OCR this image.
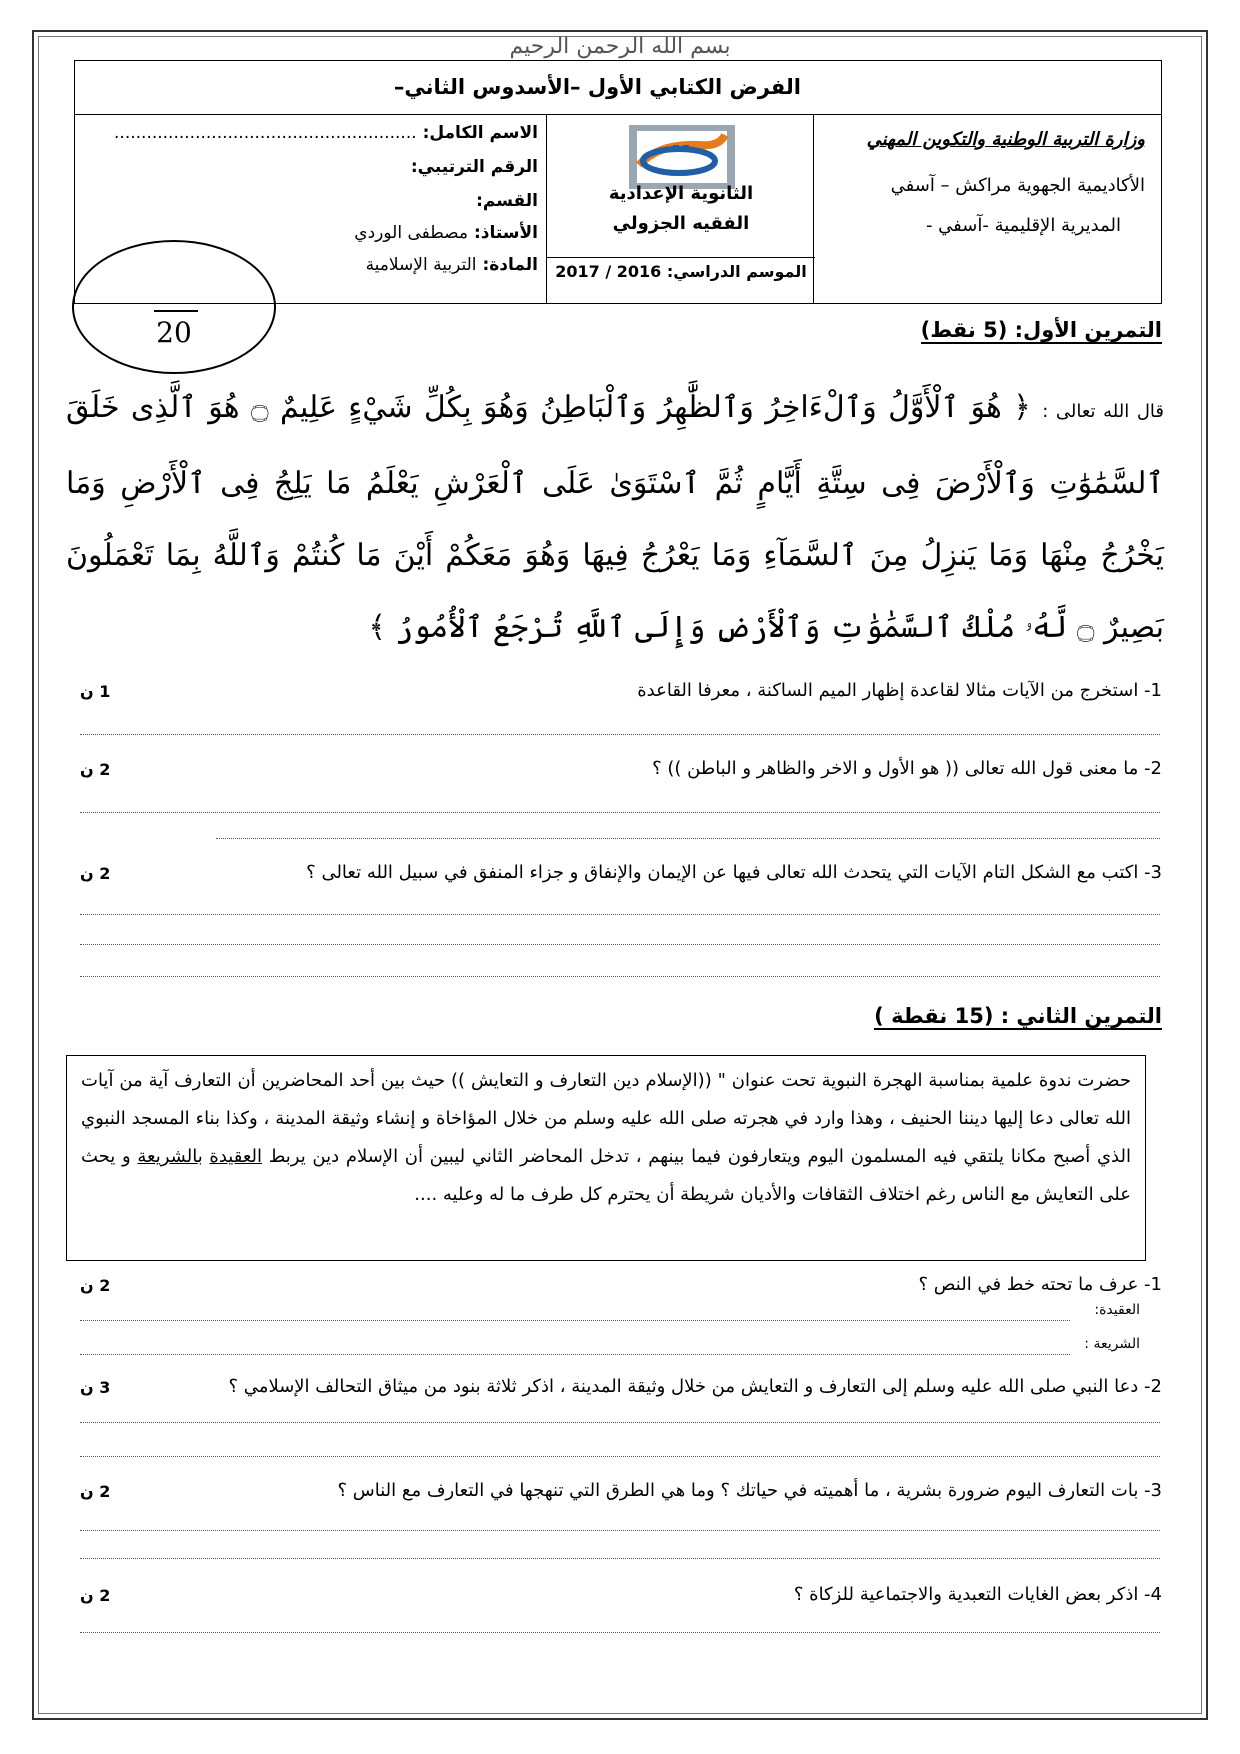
بسم الله الرحمن الرحيم
الفرض الكتابي الأول –الأسدوس الثاني–
وزارة التربية الوطنية والتكوين المهني
الأكاديمية الجهوية مراكش – آسفي
المديرية الإقليمية -آسفي -
الثانوية الإعدادية
الفقيه الجزولي
الموسم الدراسي: 2016 / 2017
الاسم الكامل: ........................................................
الرقم الترتيبي:
القسم:
الأستاذ: مصطفى الوردي
المادة: التربية الإسلامية
20	التمرين الأول: (5 نقط)
قال الله تعالى : ﴿ هُوَ ٱلْأَوَّلُ وَٱلْءَاخِرُ وَٱلظَّٰهِرُ وَٱلْبَاطِنُ وَهُوَ بِكُلِّ شَيْءٍ عَلِيمٌ ۝ هُوَ ٱلَّذِى خَلَقَ ٱلسَّمَٰوَٰتِ وَٱلْأَرْضَ فِى سِتَّةِ أَيَّامٍ ثُمَّ ٱسْتَوَىٰ عَلَى ٱلْعَرْشِ يَعْلَمُ مَا يَلِجُ فِى ٱلْأَرْضِ وَمَا يَخْرُجُ مِنْهَا وَمَا يَنزِلُ مِنَ ٱلسَّمَآءِ وَمَا يَعْرُجُ فِيهَا وَهُوَ مَعَكُمْ أَيْنَ مَا كُنتُمْ وَٱللَّهُ بِمَا تَعْمَلُونَ بَصِيرٌ ۝ لَّهُۥ مُلْكُ ٱلسَّمَٰوَٰتِ وَٱلْأَرْضِ وَإِلَى ٱللَّهِ تُرْجَعُ ٱلْأُمُورُ ﴾
1- استخرج من الآيات مثالا لقاعدة إظهار الميم الساكنة ، معرفا القاعدة
1 ن
2- ما معنى قول الله تعالى (( هو الأول و الاخر والظاهر و الباطن )) ؟
2 ن
3- اكتب مع الشكل التام الآيات التي يتحدث الله تعالى فيها عن الإيمان والإنفاق و جزاء المنفق في سبيل الله تعالى ؟
2 ن
التمرين الثاني : (15 نقطة )
حضرت ندوة علمية بمناسبة الهجرة النبوية تحت عنوان " ((الإسلام دين التعارف و التعايش )) حيث بين أحد المحاضرين أن التعارف آية من آيات الله تعالى دعا إليها ديننا الحنيف ، وهذا وارد في هجرته صلى الله عليه وسلم من خلال المؤاخاة و إنشاء وثيقة المدينة ، وكذا بناء المسجد النبوي الذي أصبح مكانا يلتقي فيه المسلمون اليوم ويتعارفون فيما بينهم ، تدخل المحاضر الثاني ليبين أن الإسلام دين يربط العقيدة بالشريعة و يحث على التعايش مع الناس رغم اختلاف الثقافات والأديان شريطة أن يحترم كل طرف ما له وعليه ....
1- عرف ما تحته خط في النص ؟
2 ن
العقيدة:
الشريعة :
2- دعا النبي صلى الله عليه وسلم إلى التعارف و التعايش من خلال وثيقة المدينة ، اذكر ثلاثة بنود من ميثاق التحالف الإسلامي ؟
3 ن
3- بات التعارف اليوم ضرورة بشرية ، ما أهميته في حياتك ؟ وما هي الطرق التي تنهجها في التعارف مع الناس ؟
2 ن
4- اذكر بعض الغايات التعبدية والاجتماعية للزكاة ؟
2 ن
